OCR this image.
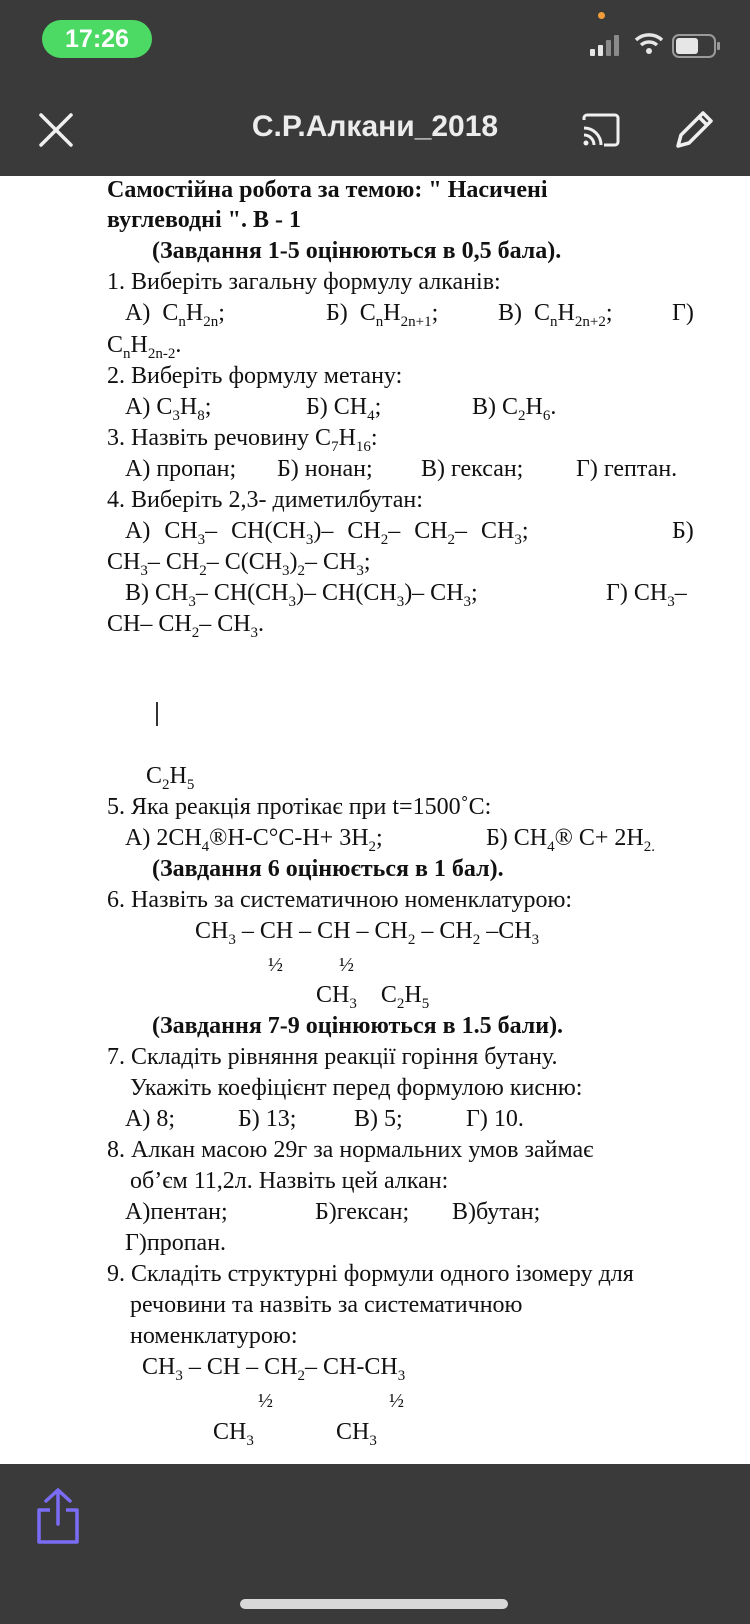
17:26
С.Р.Алкани_2018
Самостійна робота за темою: " Насичені
вуглеводні ". В - 1
(Завдання 1-5 оцінюються в 0,5 бала).
1. Виберіть загальну формулу алканів:
А)  $C_nH_{2n}$;	Б)  $C_nH_{2n+1}$; В)  $C_nH_{2n+2}$; Г)
$C_nH_{2n-2}$.
2. Виберіть формулу метану:
А) $C_3H_8$;	Б) $CH_4$;	В) $C_2H_6$.
3. Назвіть речовину $C_7H_{16}$:
А) пропан; Б) нонан; В) гексан; Г) гептан.
4. Виберіть 2,3- диметилбутан:
А) $CH_3-$ $CH(CH_3)-$ $CH_2-$ $CH_2-$ $CH_3$;	Б)
$CH_3-$ $CH_2-$ $C(CH_3)_2-$ $CH_3$;
В) $CH_3-$ $CH(CH_3)-$ $CH(CH_3)-$ $CH_3$;	Г) $CH_3-$
CH– $CH_2-$ $CH_3$.
$C_2H_5$
5. Яка реакція протікає при t=1500˚С:
А) $2CH_4®H-C^\circ C-H+ 3H_2$;	Б) $CH_4®$ $C+ 2H_{2.}$
(Завдання 6 оцінюється в 1 бал).
6. Назвіть за систематичною номенклатурою:
$CH_3$ – CH – CH – $CH_2 - CH_2$ $-CH_3$
½	½
$CH_3$    $C_2H_5$
(Завдання 7-9 оцінюються в 1.5 бали).
7. Складіть рівняння реакції горіння бутану.
Укажіть коефіцієнт перед формулою кисню:
А) 8;	Б) 13; В) 5;	Г) 10.
8. Алкан масою 29г за нормальних умов займає
об’єм 11,2л. Назвіть цей алкан:
А)пентан;	Б)гексан; В)бутан;
Г)пропан.
9. Складіть структурні формули одного ізомеру для
речовини та назвіть за систематичною
номенклатурою:
$CH_3$ – CH – $CH_2-$ $CH-CH_3$
½	½
$CH_3$	$CH_3$
